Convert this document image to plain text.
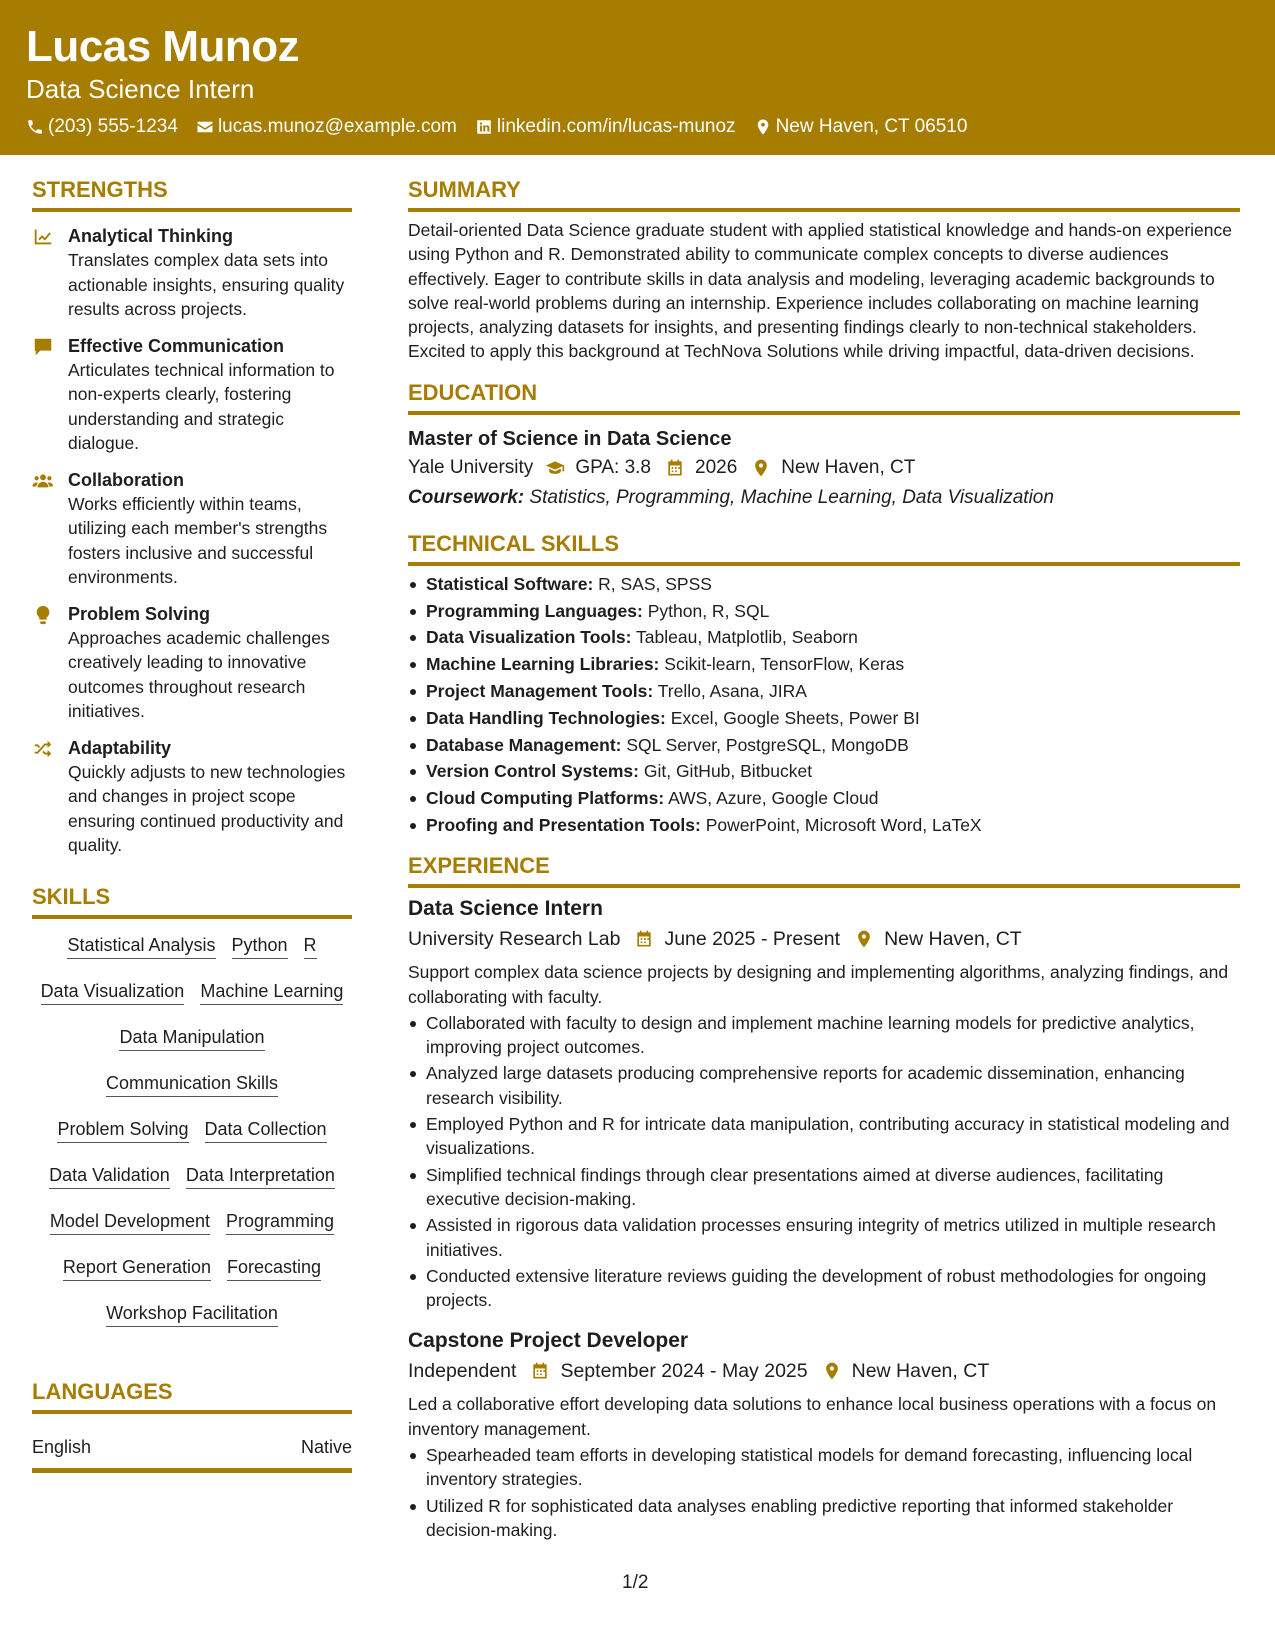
Lucas Munoz
Data Science Intern
(203) 555-1234 lucas.munoz@example.com linkedin.com/in/lucas-munoz New Haven, CT 06510
STRENGTHS
Analytical Thinking
Translates complex data sets into actionable insights, ensuring quality results across projects.
Effective Communication
Articulates technical information to non-experts clearly, fostering understanding and strategic dialogue.
Collaboration
Works efficiently within teams, utilizing each member's strengths fosters inclusive and successful environments.
Problem Solving
Approaches academic challenges creatively leading to innovative outcomes throughout research initiatives.
Adaptability
Quickly adjusts to new technologies and changes in project scope ensuring continued productivity and quality.
SKILLS
Statistical Analysis Python R
Data Visualization Machine Learning
Data Manipulation
Communication Skills
Problem Solving Data Collection
Data Validation Data Interpretation
Model Development Programming
Report Generation Forecasting
Workshop Facilitation
LANGUAGES
English	Native
SUMMARY
Detail-oriented Data Science graduate student with applied statistical knowledge and hands-on experience using Python and R. Demonstrated ability to communicate complex concepts to diverse audiences effectively. Eager to contribute skills in data analysis and modeling, leveraging academic backgrounds to solve real-world problems during an internship. Experience includes collaborating on machine learning projects, analyzing datasets for insights, and presenting findings clearly to non-technical stakeholders. Excited to apply this background at TechNova Solutions while driving impactful, data-driven decisions.
EDUCATION
Master of Science in Data Science
Yale University GPA: 3.8 2026 New Haven, CT
Coursework: Statistics, Programming, Machine Learning, Data Visualization
TECHNICAL SKILLS
Statistical Software: R, SAS, SPSS
Programming Languages: Python, R, SQL
Data Visualization Tools: Tableau, Matplotlib, Seaborn
Machine Learning Libraries: Scikit-learn, TensorFlow, Keras
Project Management Tools: Trello, Asana, JIRA
Data Handling Technologies: Excel, Google Sheets, Power BI
Database Management: SQL Server, PostgreSQL, MongoDB
Version Control Systems: Git, GitHub, Bitbucket
Cloud Computing Platforms: AWS, Azure, Google Cloud
Proofing and Presentation Tools: PowerPoint, Microsoft Word, LaTeX
EXPERIENCE
Data Science Intern
University Research Lab June 2025 - Present New Haven, CT
Support complex data science projects by designing and implementing algorithms, analyzing findings, and collaborating with faculty.
Collaborated with faculty to design and implement machine learning models for predictive analytics, improving project outcomes.
Analyzed large datasets producing comprehensive reports for academic dissemination, enhancing research visibility.
Employed Python and R for intricate data manipulation, contributing accuracy in statistical modeling and visualizations.
Simplified technical findings through clear presentations aimed at diverse audiences, facilitating executive decision-making.
Assisted in rigorous data validation processes ensuring integrity of metrics utilized in multiple research initiatives.
Conducted extensive literature reviews guiding the development of robust methodologies for ongoing projects.
Capstone Project Developer
Independent September 2024 - May 2025 New Haven, CT
Led a collaborative effort developing data solutions to enhance local business operations with a focus on inventory management.
Spearheaded team efforts in developing statistical models for demand forecasting, influencing local inventory strategies.
Utilized R for sophisticated data analyses enabling predictive reporting that informed stakeholder decision-making.
1/2
